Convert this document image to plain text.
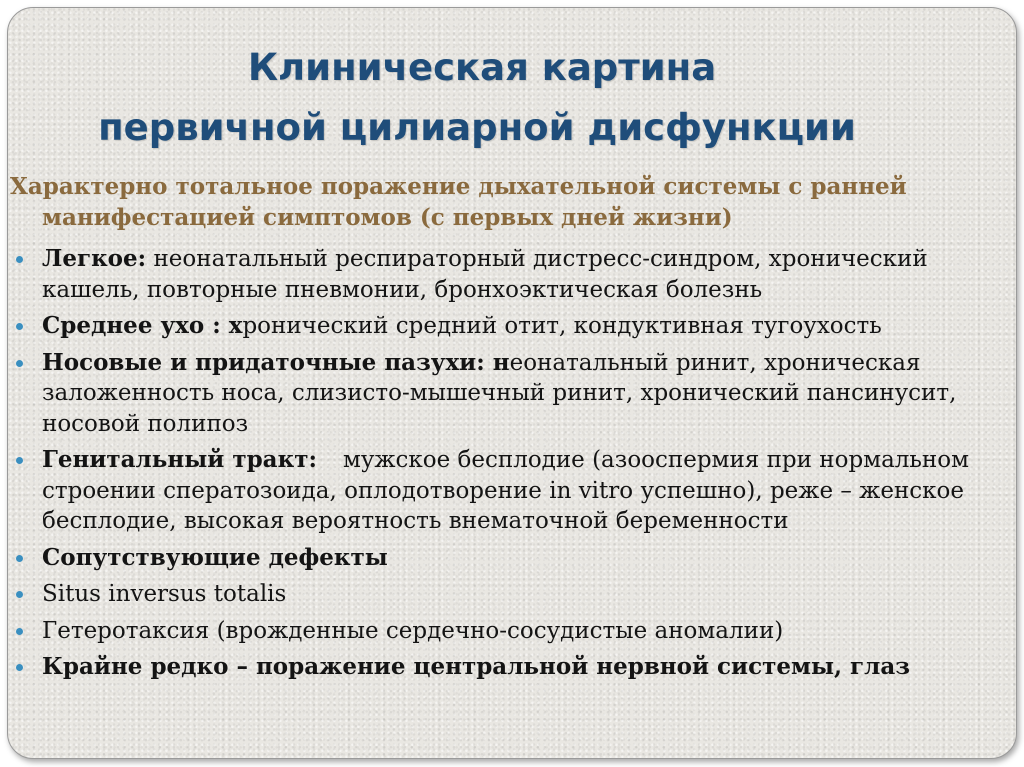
Клиническая картина
первичной цилиарной дисфункции
Характерно тотальное поражение дыхательной системы с ранней манифестацией симптомов (с первых дней жизни)
Легкое: неонатальный респираторный дистресс-синдром, хронический кашель, повторные пневмонии, бронхоэктическая болезнь
Среднее ухо : хронический средний отит, кондуктивная тугоухость
Носовые и придаточные пазухи: неонатальный ринит, хроническая заложенность носа, слизисто-мышечный ринит, хронический пансинусит, носовой полипоз
Генитальный тракт: мужское бесплодие (азооспермия при нормальном строении сператозоида, оплодотворение in vitro успешно), реже – женское бесплодие, высокая вероятность внематочной беременности
Сопутствующие дефекты
Situs inversus totalis
Гетеротаксия (врожденные сердечно-сосудистые аномалии)
Крайне редко – поражение центральной нервной системы, глаз
